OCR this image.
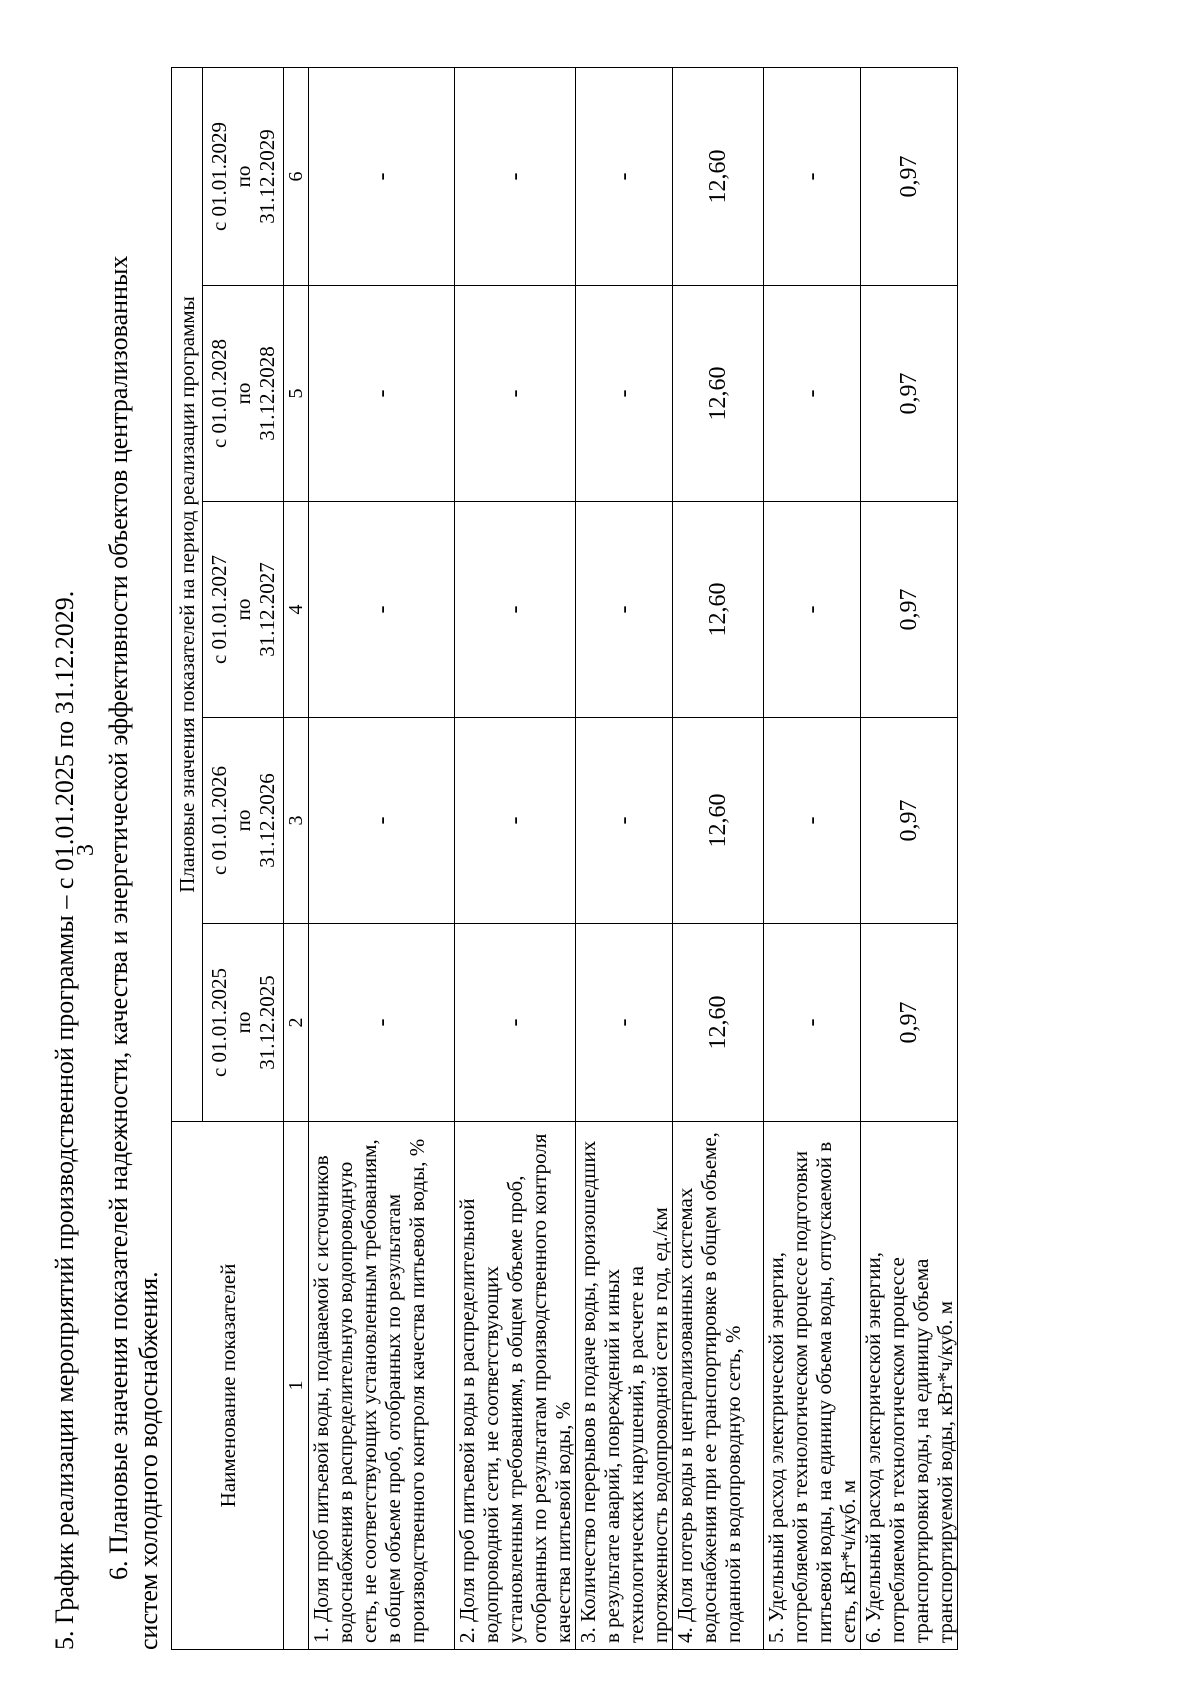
3
5. График реализации мероприятий производственной программы – с 01.01.2025 по 31.12.2029. 6. Плановые значения показателей надежности, качества и энергетической эффективности объектов централизованных систем холодного водоснабжения.	Наименование показателей	Плановые значения показателей на период реализации программы				

	с 01.01.2025 по 31.12.2025	с 01.01.2026 по 31.12.2026	с 01.01.2027 по 31.12.2027	с 01.01.2028 по 31.12.2028	с 01.01.2029 по 31.12.2029

1	2	3	4	5	6
1. Доля проб питьевой воды, подаваемой с источников водоснабжения в распределительную водопроводную сеть, не соответствующих установленным требованиям, в общем объеме проб, отобранных по результатам производственного контроля качества питьевой воды, %	-	-	-	-	-
2. Доля проб питьевой воды в распределительной водопроводной сети, не соответствующих установленным требованиям, в общем объеме проб, отобранных по результатам производственного контроля качества питьевой воды, %	-	-	-	-	-
3. Количество перерывов в подаче воды, произошедших в результате аварий, повреждений и иных технологических нарушений, в расчете на протяженность водопроводной сети в год, ед./км	-	-	-	-	-
4. Доля потерь воды в централизованных системах водоснабжения при ее транспортировке в общем объеме, поданной в водопроводную сеть, %	12,60	12,60	12,60	12,60	12,60
5. Удельный расход электрической энергии, потребляемой в технологическом процессе подготовки питьевой воды, на единицу объема воды, отпускаемой в сеть, кВт*ч/куб. м	-	-	-	-	-
6. Удельный расход электрической энергии, потребляемой в технологическом процессе транспортировки воды, на единицу объема транспортируемой воды, кВт*ч/куб. м	0,97	0,97	0,97	0,97	0,97
